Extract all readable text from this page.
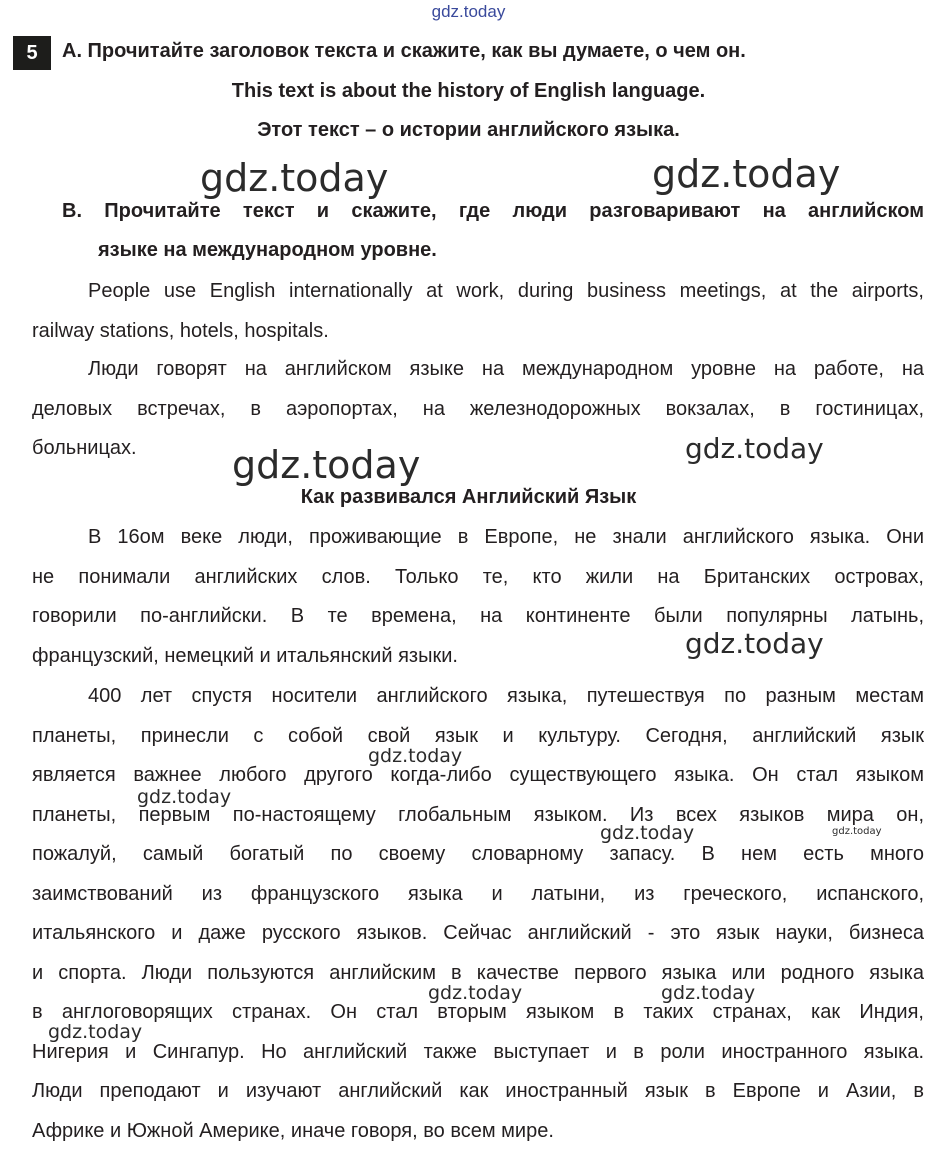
gdz.today
5	A. Прочитайте заголовок текста и скажите, как вы думаете, о чем он.
This text is about the history of English language.
Этот текст – о истории английского языка.
B. Прочитайте текст и скажите, где люди разговаривают на английском
языке на международном уровне.
People use English internationally at work, during business meetings, at the airports,
railway stations, hotels, hospitals.
Люди говорят на английском языке на международном уровне на работе, на
деловых встречах, в аэропортах, на железнодорожных вокзалах, в гостиницах,
больницах.
Как развивался Английский Язык
В 16ом веке люди, проживающие в Европе, не знали английского языка. Они
не понимали английских слов. Только те, кто жили на Британских островах,
говорили по-английски. В те времена, на континенте были популярны латынь,
французский, немецкий и итальянский языки.
400 лет спустя носители английского языка, путешествуя по разным местам
планеты, принесли с собой свой язык и культуру. Сегодня, английский язык
является важнее любого другого когда-либо существующего языка. Он стал языком
планеты, первым по-настоящему глобальным языком. Из всех языков мира он,
пожалуй, самый богатый по своему словарному запасу. В нем есть много
заимствований из французского языка и латыни, из греческого, испанского,
итальянского и даже русского языков. Сейчас английский - это язык науки, бизнеса
и спорта. Люди пользуются английским в качестве первого языка или родного языка
в англоговорящих странах. Он стал вторым языком в таких странах, как Индия,
Нигерия и Сингапур. Но английский также выступает и в роли иностранного языка.
Люди преподают и изучают английский как иностранный язык в Европе и Азии, в
Африке и Южной Америке, иначе говоря, во всем мире.
gdz.today	gdz.today
gdz.today	gdz.today
gdz.today
gdz.today
gdz.today
gdz.today	gdz.today
gdz.today	gdz.today
gdz.today
